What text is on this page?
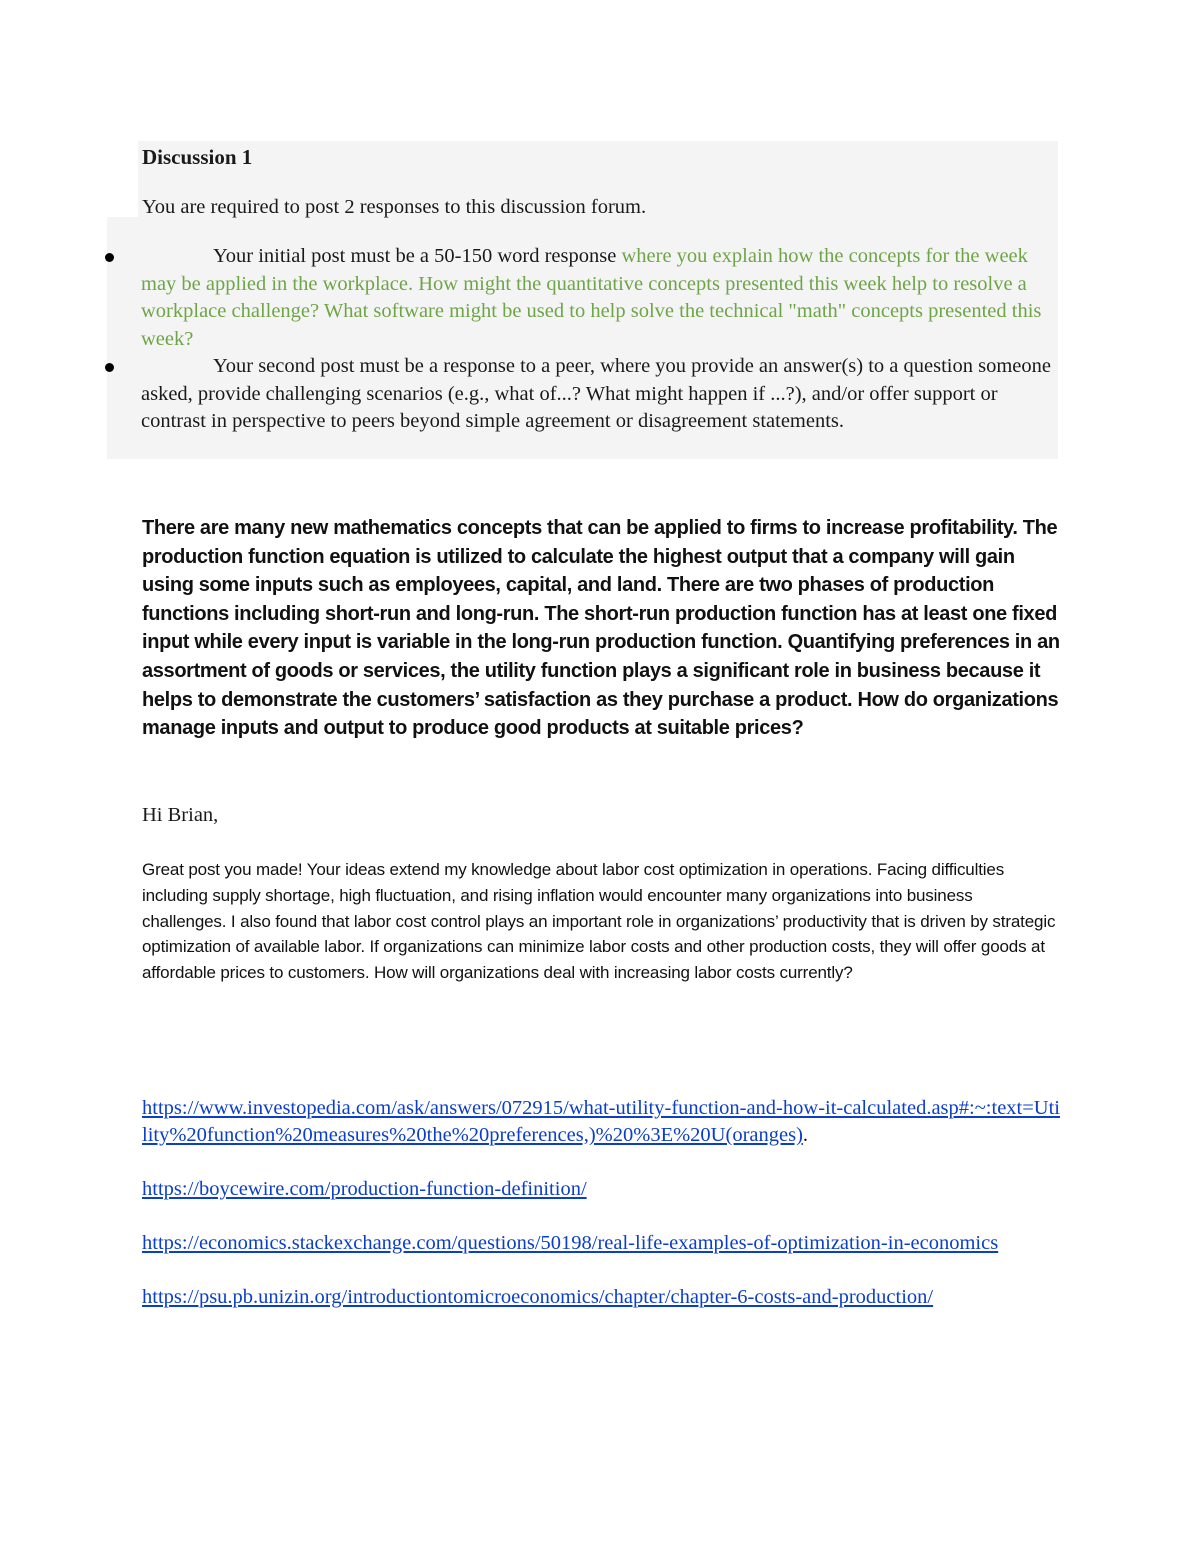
Discussion 1

You are required to post 2 responses to this discussion forum.

Your initial post must be a 50-150 word response where you explain how the concepts for the week may be applied in the workplace. How might the quantitative concepts presented this week help to resolve a workplace challenge? What software might be used to help solve the technical "math" concepts presented this week?
Your second post must be a response to a peer, where you provide an answer(s) to a question someone asked, provide challenging scenarios (e.g., what of...? What might happen if ...?), and/or offer support or contrast in perspective to peers beyond simple agreement or disagreement statements.

There are many new mathematics concepts that can be applied to firms to increase profitability. The production function equation is utilized to calculate the highest output that a company will gain using some inputs such as employees, capital, and land. There are two phases of production functions including short-run and long-run. The short-run production function has at least one fixed input while every input is variable in the long-run production function. Quantifying preferences in an assortment of goods or services, the utility function plays a significant role in business because it helps to demonstrate the customers’ satisfaction as they purchase a product. How do organizations manage inputs and output to produce good products at suitable prices?

Hi Brian,

Great post you made! Your ideas extend my knowledge about labor cost optimization in operations. Facing difficulties including supply shortage, high fluctuation, and rising inflation would encounter many organizations into business challenges. I also found that labor cost control plays an important role in organizations’ productivity that is driven by strategic optimization of available labor. If organizations can minimize labor costs and other production costs, they will offer goods at affordable prices to customers. How will organizations deal with increasing labor costs currently?

https://www.investopedia.com/ask/answers/072915/what-utility-function-and-how-it-calculated.asp#:~:text=Utility%20function%20measures%20the%20preferences,)%20%3E%20U(oranges).
https://boycewire.com/production-function-definition/
https://economics.stackexchange.com/questions/50198/real-life-examples-of-optimization-in-economics
https://psu.pb.unizin.org/introductiontomicroeconomics/chapter/chapter-6-costs-and-production/
